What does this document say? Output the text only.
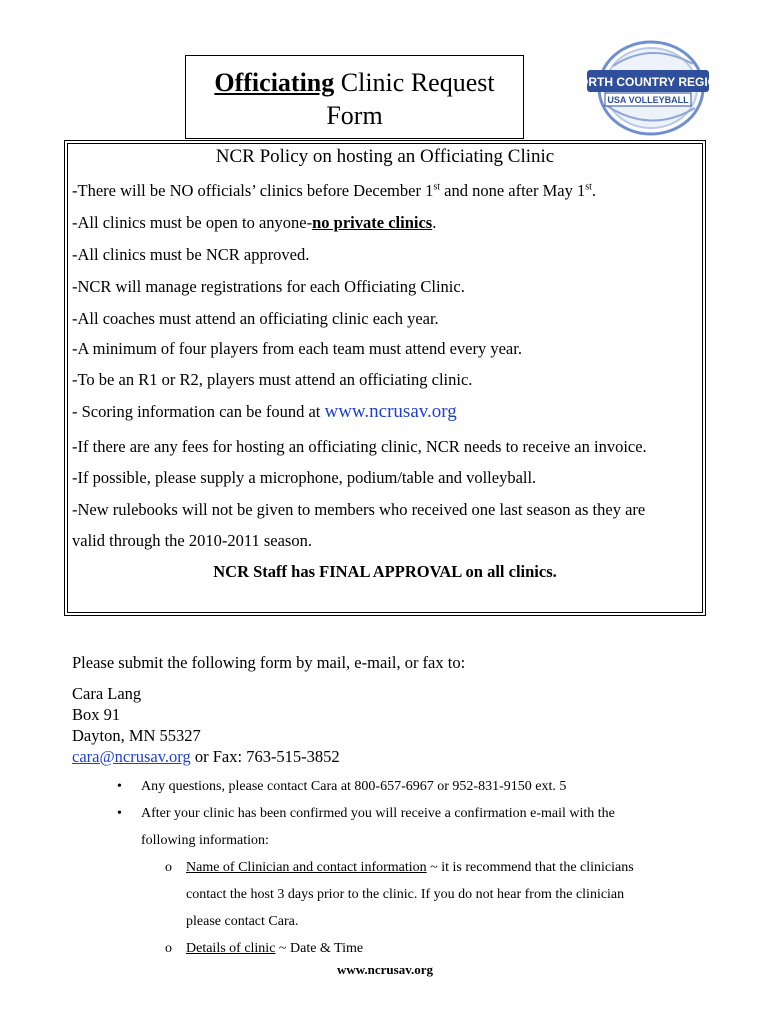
Officiating Clinic Request
Form
NORTH COUNTRY REGION
USA VOLLEYBALL
NCR Policy on hosting an Officiating Clinic
-There will be NO officials’ clinics before December 1st and none after May 1st.
-All clinics must be open to anyone-no private clinics.
-All clinics must be NCR approved.
-NCR will manage registrations for each Officiating Clinic.
-All coaches must attend an officiating clinic each year.
-A minimum of four players from each team must attend every year.
-To be an R1 or R2, players must attend an officiating clinic.
- Scoring information can be found at www.ncrusav.org
-If there are any fees for hosting an officiating clinic, NCR needs to receive an invoice.
-If possible, please supply a microphone, podium/table and volleyball.
-New rulebooks will not be given to members who received one last season as they are
valid through the 2010-2011 season.
NCR Staff has FINAL APPROVAL on all clinics.
Please submit the following form by mail, e-mail, or fax to:
Cara Lang
Box 91
Dayton, MN 55327
cara@ncrusav.org or Fax: 763-515-3852
• Any questions, please contact Cara at 800-657-6967 or 952-831-9150 ext. 5
• After your clinic has been confirmed you will receive a confirmation e-mail with the
following information:
o Name of Clinician and contact information ~ it is recommend that the clinicians
contact the host 3 days prior to the clinic. If you do not hear from the clinician
please contact Cara.
o Details of clinic ~ Date & Time
www.ncrusav.org
